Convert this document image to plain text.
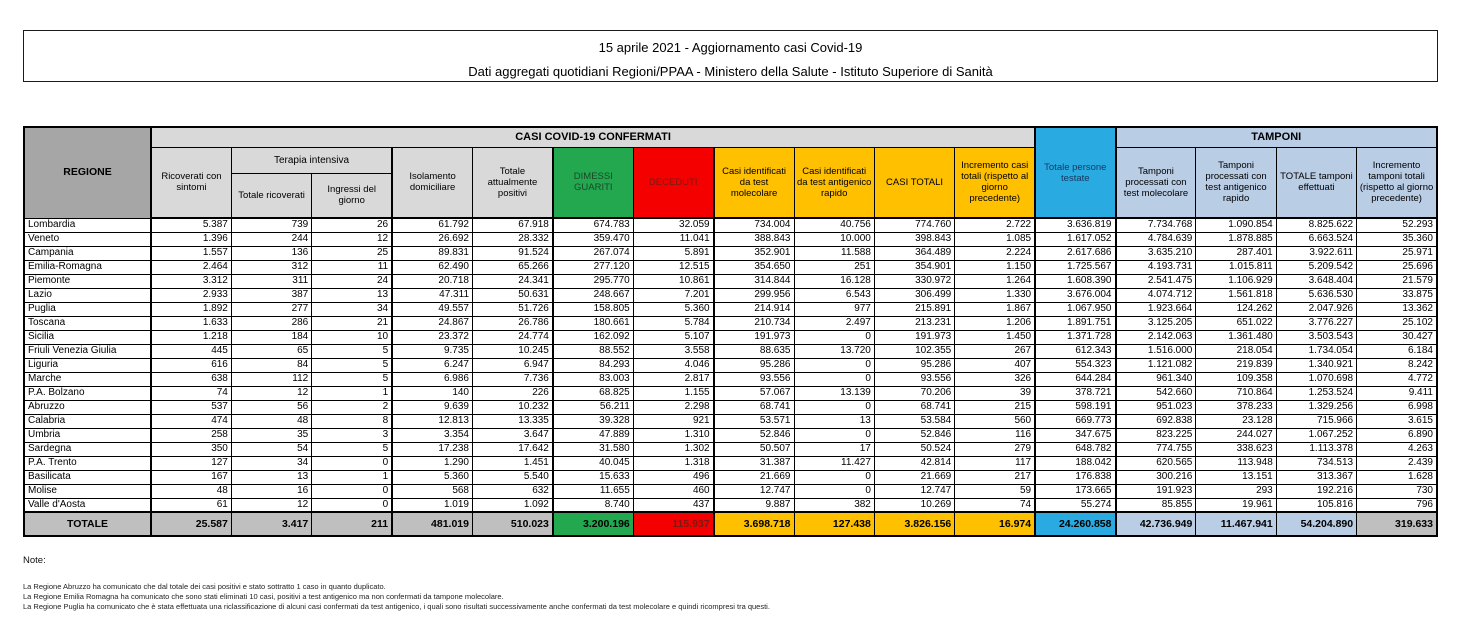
15 aprile 2021 - Aggiornamento casi Covid-19
Dati aggregati quotidiani Regioni/PPAA - Ministero della Salute - Istituto Superiore di Sanità
REGIONE	CASI COVID-19 CONFERMATI											Totale persone testate	TAMPONI			
	Ricoverati con sintomi	Terapia intensiva		Isolamento domiciliare	Totale attualmente positivi	DIMESSI GUARITI	DECEDUTI	Casi identificati da test molecolare	Casi identificati da test antigenico rapido	CASI TOTALI	Incremento casi totali (rispetto al giorno precedente)		Tamponi processati con test molecolare	Tamponi processati con test antigenico rapido	TOTALE tamponi effettuati	Incremento tamponi totali (rispetto al giorno precedente)
		Totale ricoverati	Ingressi del giorno													
Lombardia	5.387	739	26	61.792	67.918	674.783	32.059	734.004	40.756	774.760	2.722	3.636.819	7.734.768	1.090.854	8.825.622	52.293
Veneto	1.396	244	12	26.692	28.332	359.470	11.041	388.843	10.000	398.843	1.085	1.617.052	4.784.639	1.878.885	6.663.524	35.360
Campania	1.557	136	25	89.831	91.524	267.074	5.891	352.901	11.588	364.489	2.224	2.617.686	3.635.210	287.401	3.922.611	25.971
Emilia-Romagna	2.464	312	11	62.490	65.266	277.120	12.515	354.650	251	354.901	1.150	1.725.567	4.193.731	1.015.811	5.209.542	25.696
Piemonte	3.312	311	24	20.718	24.341	295.770	10.861	314.844	16.128	330.972	1.264	1.608.390	2.541.475	1.106.929	3.648.404	21.579
Lazio	2.933	387	13	47.311	50.631	248.667	7.201	299.956	6.543	306.499	1.330	3.676.004	4.074.712	1.561.818	5.636.530	33.875
Puglia	1.892	277	34	49.557	51.726	158.805	5.360	214.914	977	215.891	1.867	1.067.950	1.923.664	124.262	2.047.926	13.362
Toscana	1.633	286	21	24.867	26.786	180.661	5.784	210.734	2.497	213.231	1.206	1.891.751	3.125.205	651.022	3.776.227	25.102
Sicilia	1.218	184	10	23.372	24.774	162.092	5.107	191.973	0	191.973	1.450	1.371.728	2.142.063	1.361.480	3.503.543	30.427
Friuli Venezia Giulia	445	65	5	9.735	10.245	88.552	3.558	88.635	13.720	102.355	267	612.343	1.516.000	218.054	1.734.054	6.184
Liguria	616	84	5	6.247	6.947	84.293	4.046	95.286	0	95.286	407	554.323	1.121.082	219.839	1.340.921	8.242
Marche	638	112	5	6.986	7.736	83.003	2.817	93.556	0	93.556	326	644.284	961.340	109.358	1.070.698	4.772
P.A. Bolzano	74	12	1	140	226	68.825	1.155	57.067	13.139	70.206	39	378.721	542.660	710.864	1.253.524	9.411
Abruzzo	537	56	2	9.639	10.232	56.211	2.298	68.741	0	68.741	215	598.191	951.023	378.233	1.329.256	6.998
Calabria	474	48	8	12.813	13.335	39.328	921	53.571	13	53.584	560	669.773	692.838	23.128	715.966	3.615
Umbria	258	35	3	3.354	3.647	47.889	1.310	52.846	0	52.846	116	347.675	823.225	244.027	1.067.252	6.890
Sardegna	350	54	5	17.238	17.642	31.580	1.302	50.507	17	50.524	279	648.782	774.755	338.623	1.113.378	4.263
P.A. Trento	127	34	0	1.290	1.451	40.045	1.318	31.387	11.427	42.814	117	188.042	620.565	113.948	734.513	2.439
Basilicata	167	13	1	5.360	5.540	15.633	496	21.669	0	21.669	217	176.838	300.216	13.151	313.367	1.628
Molise	48	16	0	568	632	11.655	460	12.747	0	12.747	59	173.665	191.923	293	192.216	730
Valle d'Aosta	61	12	0	1.019	1.092	8.740	437	9.887	382	10.269	74	55.274	85.855	19.961	105.816	796
TOTALE	25.587	3.417	211	481.019	510.023	3.200.196	115.937	3.698.718	127.438	3.826.156	16.974	24.260.858	42.736.949	11.467.941	54.204.890	319.633
Note:
La Regione Abruzzo ha comunicato che dal totale dei casi positivi e stato sottratto 1 caso in quanto duplicato.
La Regione Emilia Romagna ha comunicato che sono stati eliminati 10 casi, positivi a test antigenico ma non confermati da tampone molecolare.
La Regione Puglia ha comunicato che è stata effettuata una riclassificazione di alcuni casi confermati da test antigenico, i quali sono risultati successivamente anche confermati da test molecolare e quindi ricompresi tra questi.
